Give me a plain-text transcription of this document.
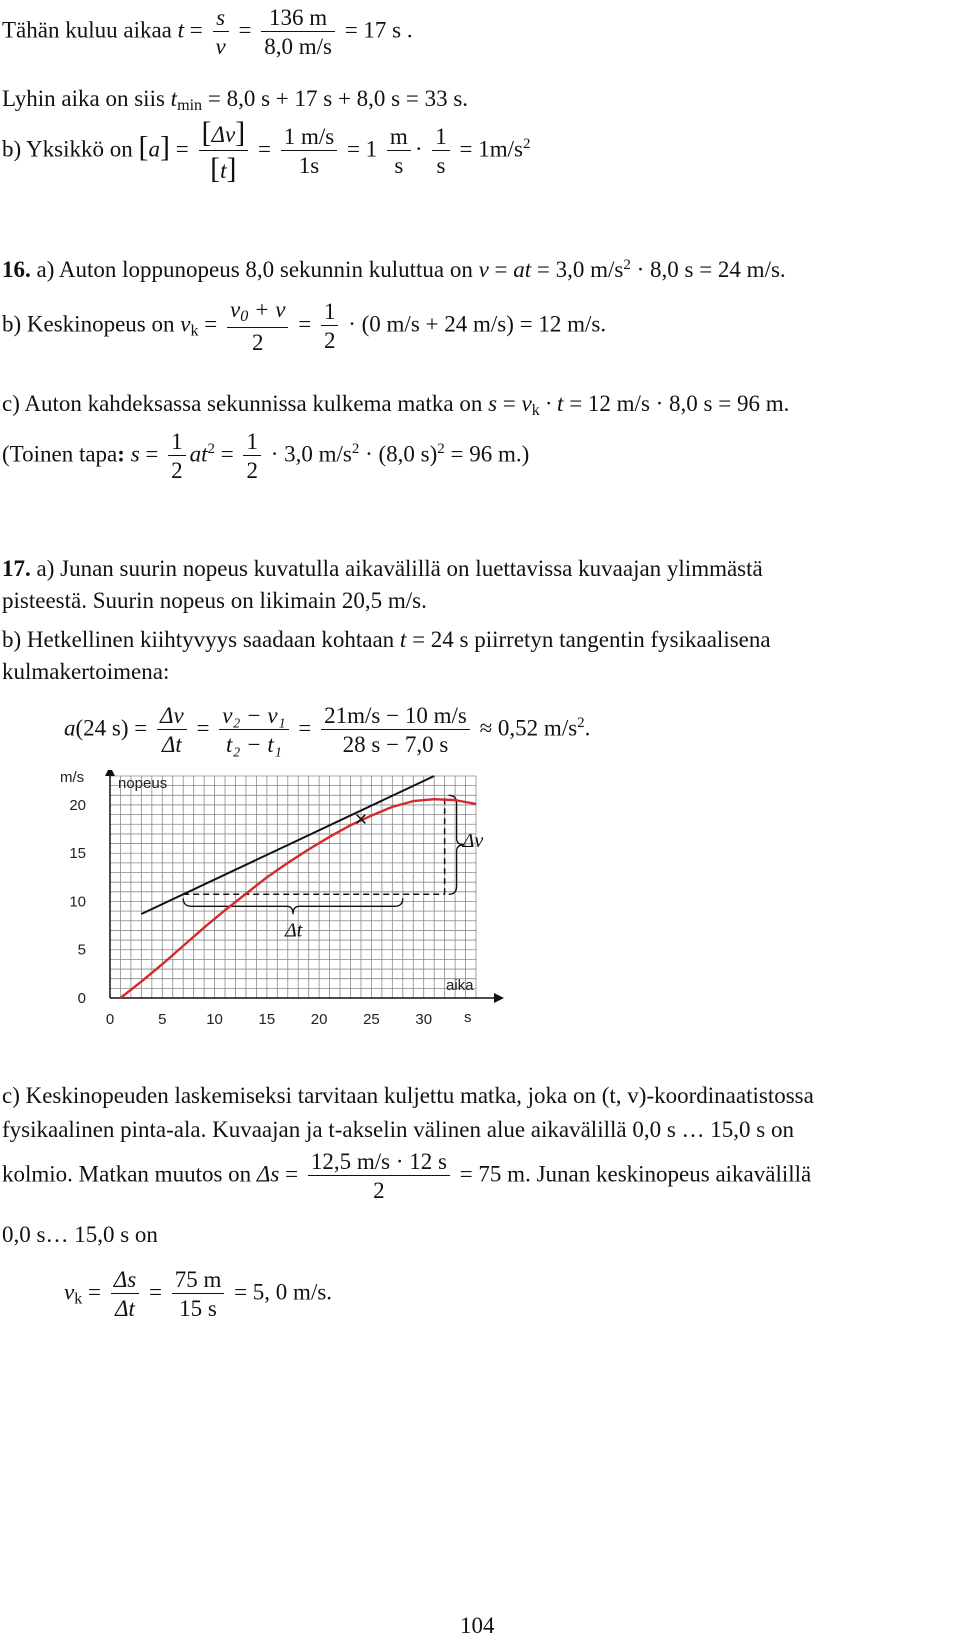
Tähän kuluu aikaa $t = \frac{s}{v} = \frac{136 m}{8,0 m/s} = 17$ s .
Lyhin aika on siis $t_{min} = 8,0$ s + 17 s + 8,0 s = 33 s.
b) Yksikkö on $[a] = \frac{[\Delta v]}{[t]} = \frac{1 m/s}{1s} = 1 \frac{m}{s} \cdot \frac{1}{s} = 1m/s^2$
16. a) Auton loppunopeus 8,0 sekunnin kuluttua on v = at = 3,0 $m/s^2 \cdot 8,0$ s = 24 m/s.
b) Keskinopeus on $v_k = \frac{v_0 + v}{2} = \frac{1}{2} \cdot (0$ m/s + 24 m/s) = 12 m/s.
c) Auton kahdeksassa sekunnissa kulkema matka on $s = v_k \cdot t = 12$ m/s · 8,0 s = 96 m.
(Toinen tapa: $s = \frac{1}{2} at^2 = \frac{1}{2} \cdot 3,0$ $m/s^2 \cdot (8,0$ s)$^2$ = 96 m.)
17. a) Junan suurin nopeus kuvatulla aikavälillä on luettavissa kuvaajan ylimmästä
pisteestä. Suurin nopeus on likimain 20,5 m/s.
b) Hetkellinen kiihtyvyys saadaan kohtaan t = 24 s piirretyn tangentin fysikaalisena
kulmakertoimena:
a(24 $s) = \frac{\Delta v}{\Delta t} = \frac{\text{v₂ − v₁}}{\text{t₂ − t₁}} = \frac{21m/s - 10 m/s}{28 s - 7,0 s} \approx 0,52$ $m/s^2$.
0	5	10 15 20 25 30
0
5
10
15
20
m/s nopeus
aika
s
Δt
Δv
×
c) Keskinopeuden laskemiseksi tarvitaan kuljettu matka, joka on (t, v)-koordinaatistossa
fysikaalinen pinta-ala. Kuvaajan ja t-akselin välinen alue aikavälillä 0,0 s … 15,0 s on
kolmio. Matkan muutos on $\Delta s = \frac{12,5 m/s \cdot 12 s}{2} = 75$ m. Junan keskinopeus aikavälillä
0,0 s… 15,0 s on
$v_k = \frac{\Delta s}{\Delta t} = \frac{75 m}{15 s} = 5$, 0 m/s.
104
